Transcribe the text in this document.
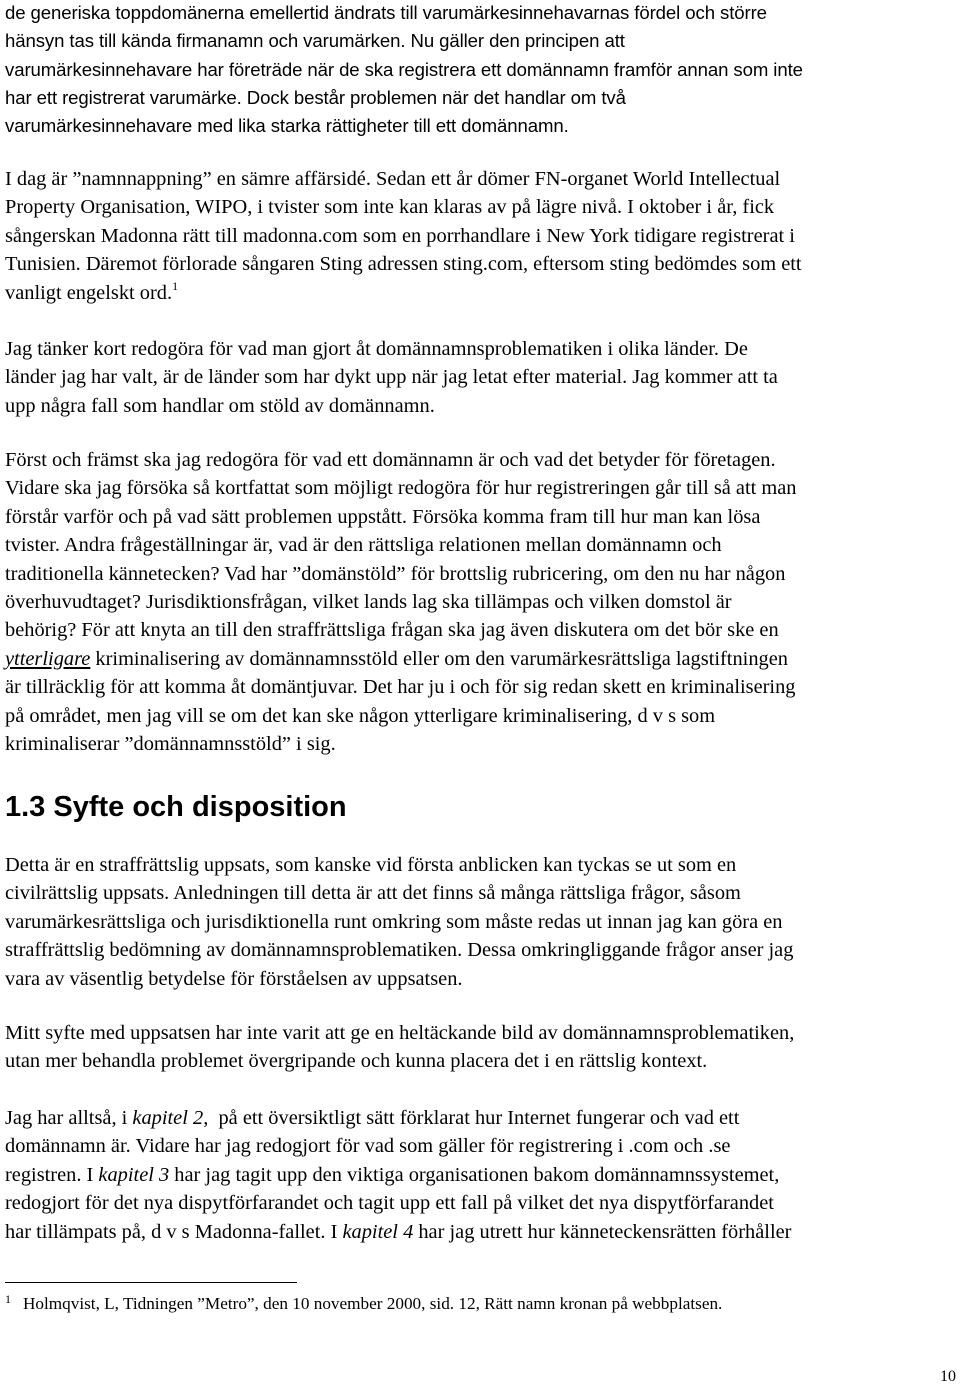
de generiska toppdomänerna emellertid ändrats till varumärkesinnehavarnas fördel och större
hänsyn tas till kända firmanamn och varumärken. Nu gäller den principen att
varumärkesinnehavare har företräde när de ska registrera ett domännamn framför annan som inte
har ett registrerat varumärke. Dock består problemen när det handlar om två
varumärkesinnehavare med lika starka rättigheter till ett domännamn.
I dag är ”namnnappning” en sämre affärsidé. Sedan ett år dömer FN-organet World Intellectual
Property Organisation, WIPO, i tvister som inte kan klaras av på lägre nivå. I oktober i år, fick
sångerskan Madonna rätt till madonna.com som en porrhandlare i New York tidigare registrerat i
Tunisien. Däremot förlorade sångaren Sting adressen sting.com, eftersom sting bedömdes som ett
vanligt engelskt ord.$^1$
Jag tänker kort redogöra för vad man gjort åt domännamnsproblematiken i olika länder. De
länder jag har valt, är de länder som har dykt upp när jag letat efter material. Jag kommer att ta
upp några fall som handlar om stöld av domännamn.
Först och främst ska jag redogöra för vad ett domännamn är och vad det betyder för företagen.
Vidare ska jag försöka så kortfattat som möjligt redogöra för hur registreringen går till så att man
förstår varför och på vad sätt problemen uppstått. Försöka komma fram till hur man kan lösa
tvister. Andra frågeställningar är, vad är den rättsliga relationen mellan domännamn och
traditionella kännetecken? Vad har ”domänstöld” för brottslig rubricering, om den nu har någon
överhuvudtaget? Jurisdiktionsfrågan, vilket lands lag ska tillämpas och vilken domstol är
behörig? För att knyta an till den straffrättsliga frågan ska jag även diskutera om det bör ske en
ytterligare kriminalisering av domännamnsstöld eller om den varumärkesrättsliga lagstiftningen
är tillräcklig för att komma åt domäntjuvar. Det har ju i och för sig redan skett en kriminalisering
på området, men jag vill se om det kan ske någon ytterligare kriminalisering, d v s som
kriminaliserar ”domännamnsstöld” i sig.
1.3 Syfte och disposition
Detta är en straffrättslig uppsats, som kanske vid första anblicken kan tyckas se ut som en
civilrättslig uppsats. Anledningen till detta är att det finns så många rättsliga frågor, såsom
varumärkesrättsliga och jurisdiktionella runt omkring som måste redas ut innan jag kan göra en
straffrättslig bedömning av domännamnsproblematiken. Dessa omkringliggande frågor anser jag
vara av väsentlig betydelse för förståelsen av uppsatsen.
Mitt syfte med uppsatsen har inte varit att ge en heltäckande bild av domännamnsproblematiken,
utan mer behandla problemet övergripande och kunna placera det i en rättslig kontext.
Jag har alltså, i kapitel 2,  på ett översiktligt sätt förklarat hur Internet fungerar och vad ett
domännamn är. Vidare har jag redogjort för vad som gäller för registrering i .com och .se
registren. I kapitel 3 har jag tagit upp den viktiga organisationen bakom domännamnssystemet,
redogjort för det nya dispytförfarandet och tagit upp ett fall på vilket det nya dispytförfarandet
har tillämpats på, d v s Madonna-fallet. I kapitel 4 har jag utrett hur känneteckensrätten förhåller
$^1$ Holmqvist, L, Tidningen ”Metro”, den 10 november 2000, sid. 12, Rätt namn kronan på webbplatsen.
10
